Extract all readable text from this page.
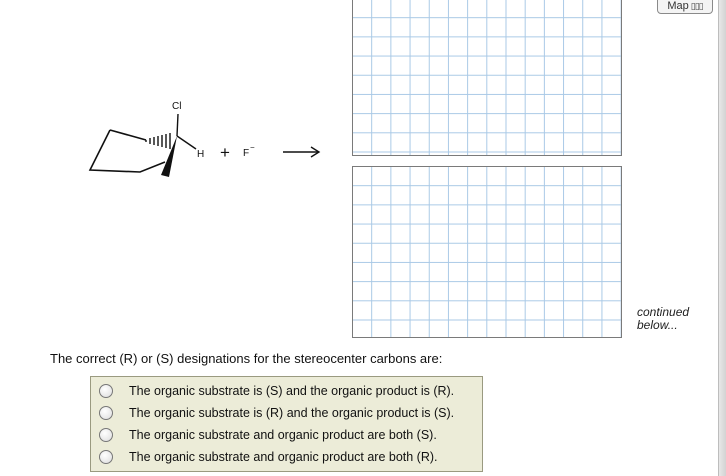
Cl
H + F
−
Map ▯▯▯
continued below...
The correct (R) or (S) designations for the stereocenter carbons are:
The organic substrate is (S) and the organic product is (R).
The organic substrate is (R) and the organic product is (S).
The organic substrate and organic product are both (S).
The organic substrate and organic product are both (R).
